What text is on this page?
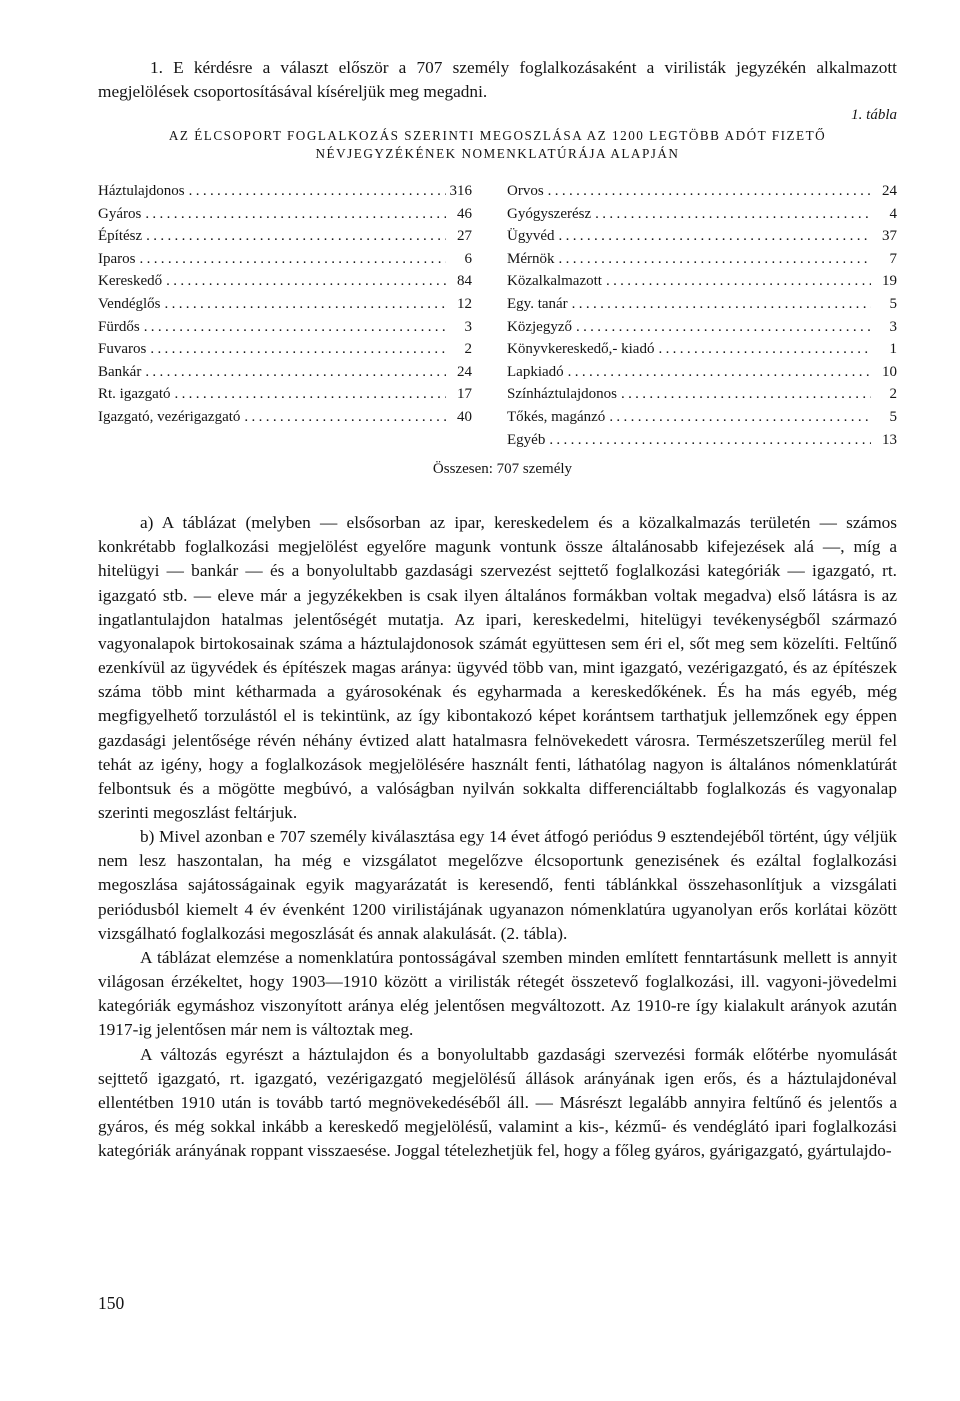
1. E kérdésre a választ először a 707 személy foglalkozásaként a virilisták jegyzékén alkalmazott megjelölések csoportosításával kíséreljük meg megadni.

1. tábla
AZ ÉLCSOPORT FOGLALKOZÁS SZERINTI MEGOSZLÁSA AZ 1200 LEGTÖBB ADÓT FIZETŐ
NÉVJEGYZÉKÉNEK NOMENKLATÚRÁJA ALAPJÁN
Háztulajdonos . . .	316
Gyáros . . .	46
Építész . . .	27
Iparos . . .	6
Kereskedő . . .	84
Vendéglős . . .	12
Fürdős . . .	3
Fuvaros . . .	2
Bankár . . .	24
Rt. igazgató . . .	17
Igazgató, vezérigazgató . . .	40
Orvos . . .	24
Gyógyszerész . . .	4
Ügyvéd . . .	37
Mérnök . . .	7
Közalkalmazott . . .	19
Egy. tanár . . .	5
Közjegyző . . .	3
Könyvkereskedő,- kiadó . . .	1
Lapkiadó . . .	10
Színháztulajdonos . . .	2
Tőkés, magánzó . . .	5
Egyéb . . .	13
Összesen: 707 személy

a) A táblázat (melyben — elsősorban az ipar, kereskedelem és a közalkalmazás területén — számos konkrétabb foglalkozási megjelölést egyelőre magunk vontunk össze általánosabb kifejezések alá —, míg a hitelügyi — bankár — és a bonyolultabb gazdasági szervezést sejttető foglalkozási kategóriák — igazgató, rt. igazgató stb. — eleve már a jegyzékekben is csak ilyen általános formákban voltak megadva) első látásra is az ingatlantulajdon hatalmas jelentőségét mutatja. Az ipari, kereskedelmi, hitelügyi tevékenységből származó vagyonalapok birtokosainak száma a háztulajdonosok számát együttesen sem éri el, sőt meg sem közelíti. Feltűnő ezenkívül az ügyvédek és építészek magas aránya: ügyvéd több van, mint igazgató, vezérigazgató, és az építészek száma több mint kétharmada a gyárosokénak és egyharmada a kereskedőkének. És ha más egyéb, még megfigyelhető torzulástól el is tekintünk, az így kibontakozó képet korántsem tarthatjuk jellemzőnek egy éppen gazdasági jelentősége révén néhány évtized alatt hatalmasra felnövekedett városra. Természetszerűleg merül fel tehát az igény, hogy a foglalkozások megjelölésére használt fenti, láthatólag nagyon is általános nómenklatúrát felbontsuk és a mögötte megbúvó, a valóságban nyilván sokkalta differenciáltabb foglalkozás és vagyonalap szerinti megoszlást feltárjuk.

b) Mivel azonban e 707 személy kiválasztása egy 14 évet átfogó periódus 9 esztendejéből történt, úgy véljük nem lesz haszontalan, ha még e vizsgálatot megelőzve élcsoportunk genezisének és ezáltal foglalkozási megoszlása sajátosságainak egyik magyarázatát is keresendő, fenti táblánkkal összehasonlítjuk a vizsgálati periódusból kiemelt 4 év évenként 1200 virilistájának ugyanazon nómenklatúra ugyanolyan erős korlátai között vizsgálható foglalkozási megoszlását és annak alakulását. (2. tábla).

A táblázat elemzése a nomenklatúra pontosságával szemben minden említett fenntartásunk mellett is annyit világosan érzékeltet, hogy 1903—1910 között a virilisták rétegét összetevő foglalkozási, ill. vagyoni-jövedelmi kategóriák egymáshoz viszonyított aránya elég jelentősen megváltozott. Az 1910-re így kialakult arányok azután 1917-ig jelentősen már nem is változtak meg.

A változás egyrészt a háztulajdon és a bonyolultabb gazdasági szervezési formák előtérbe nyomulását sejttető igazgató, rt. igazgató, vezérigazgató megjelölésű állások arányának igen erős, és a háztulajdonéval ellentétben 1910 után is tovább tartó megnövekedéséből áll. — Másrészt legalább annyira feltűnő és jelentős a gyáros, és még sokkal inkább a kereskedő megjelölésű, valamint a kis-, kézmű- és vendéglátó ipari foglalkozási kategóriák arányának roppant visszaesése. Joggal tételezhetjük fel, hogy a főleg gyáros, gyárigazgató, gyártulajdo-

150
